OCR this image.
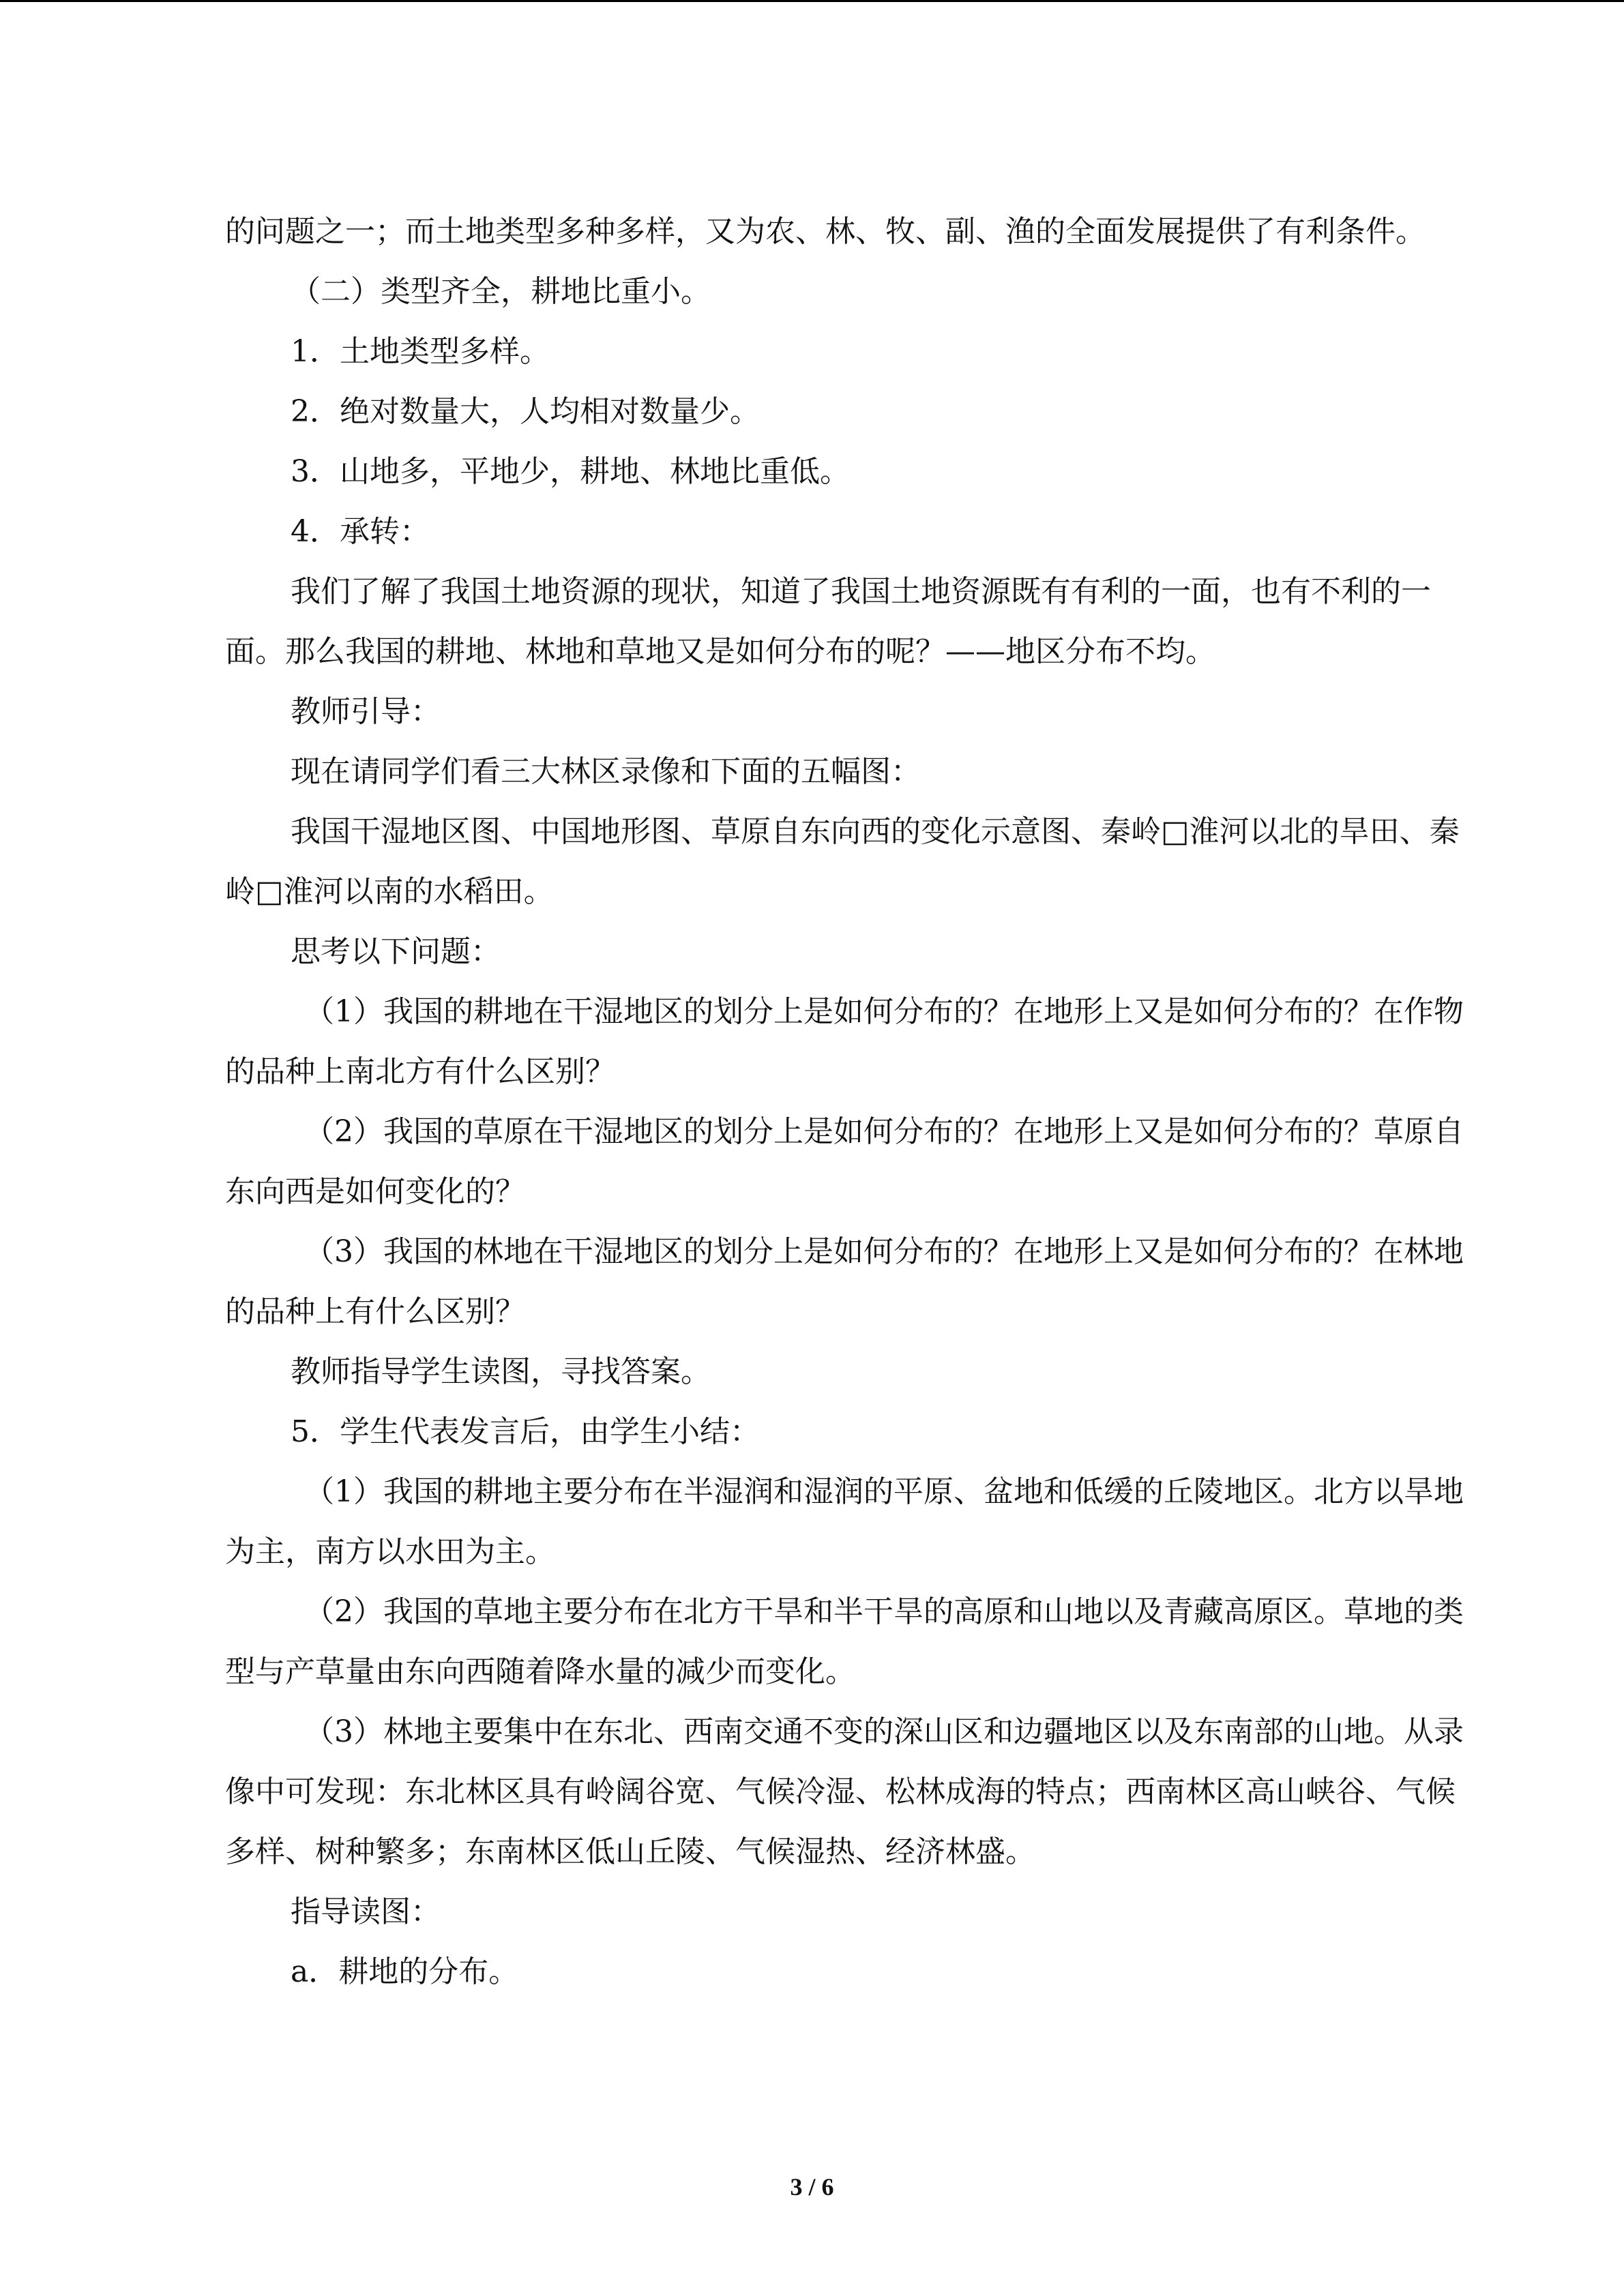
的问题之一；而土地类型多种多样，又为农、林、牧、副、渔的全面发展提供了有利条件。

（二）类型齐全，耕地比重小。

1．土地类型多样。

2．绝对数量大，人均相对数量少。

3．山地多，平地少，耕地、林地比重低。

4．承转：

我们了解了我国土地资源的现状，知道了我国土地资源既有有利的一面，也有不利的一面。那么我国的耕地、林地和草地又是如何分布的呢？——地区分布不均。

教师引导：

现在请同学们看三大林区录像和下面的五幅图：

我国干湿地区图、中国地形图、草原自东向西的变化示意图、秦岭□淮河以北的旱田、秦岭□淮河以南的水稻田。

思考以下问题：

（1）我国的耕地在干湿地区的划分上是如何分布的？在地形上又是如何分布的？在作物的品种上南北方有什么区别？

（2）我国的草原在干湿地区的划分上是如何分布的？在地形上又是如何分布的？草原自东向西是如何变化的？

（3）我国的林地在干湿地区的划分上是如何分布的？在地形上又是如何分布的？在林地的品种上有什么区别？

教师指导学生读图，寻找答案。

5．学生代表发言后，由学生小结：

（1）我国的耕地主要分布在半湿润和湿润的平原、盆地和低缓的丘陵地区。北方以旱地为主，南方以水田为主。

（2）我国的草地主要分布在北方干旱和半干旱的高原和山地以及青藏高原区。草地的类型与产草量由东向西随着降水量的减少而变化。

（3）林地主要集中在东北、西南交通不变的深山区和边疆地区以及东南部的山地。从录像中可发现：东北林区具有岭阔谷宽、气候冷湿、松林成海的特点；西南林区高山峡谷、气候多样、树种繁多；东南林区低山丘陵、气候湿热、经济林盛。

指导读图：

a．耕地的分布。

3 / 6
